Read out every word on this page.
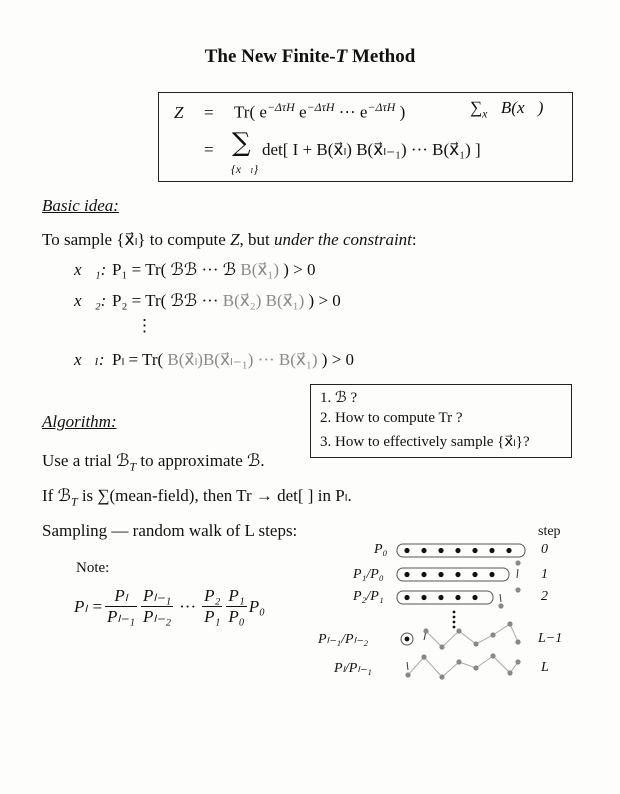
The New Finite-T Method
Z = Tr( $e^{-\Delta\tau H}$ $e^{-\Delta\tau H}$ ··· $e^{-\Delta\tau H}$ )	$\sum_{x⃗}$ B(x⃗)
= ∑
{x⃗ₗ}
det[ I + B(x⃗ₗ) B(x⃗ₗ₋₁) ··· B(x⃗₁) ]
Basic idea:
To sample {x⃗ₗ} to compute Z, but under the constraint:
x⃗₁: P₁ = Tr( ℬℬ ··· ℬ B(x⃗₁) ) > 0
x⃗₂: P₂ = Tr( ℬℬ ··· B(x⃗₂) B(x⃗₁) ) > 0
⋮
x⃗ₗ: Pₗ = Tr( B(x⃗ₗ)B(x⃗ₗ₋₁) ··· B(x⃗₁) ) > 0
1. ℬ ?
2. How to compute Tr ?
3. How to effectively sample {x⃗ₗ}?
Algorithm:
Use a trial ℬ$_T$ to approximate ℬ.
If ℬ$_T$ is ∑(mean-field), then Tr → det[ ] in Pₗ.
Sampling — random walk of L steps:
Note:
$P_l = \frac{\text{Pₗ}}{\text{Pₗ₋₁}} \frac{\text{Pₗ₋₁}}{\text{Pₗ₋₂}}$ ··· $\frac{\text{P₂}}{\text{P₁}} \frac{\text{P₁}}{\text{P₀}} P_0$
step
P₀
P₁/P₀
P₂/P₁
Pₗ₋₁/Pₗ₋₂
Pₗ/Pₗ₋₁
0
1
2
L−1
L
